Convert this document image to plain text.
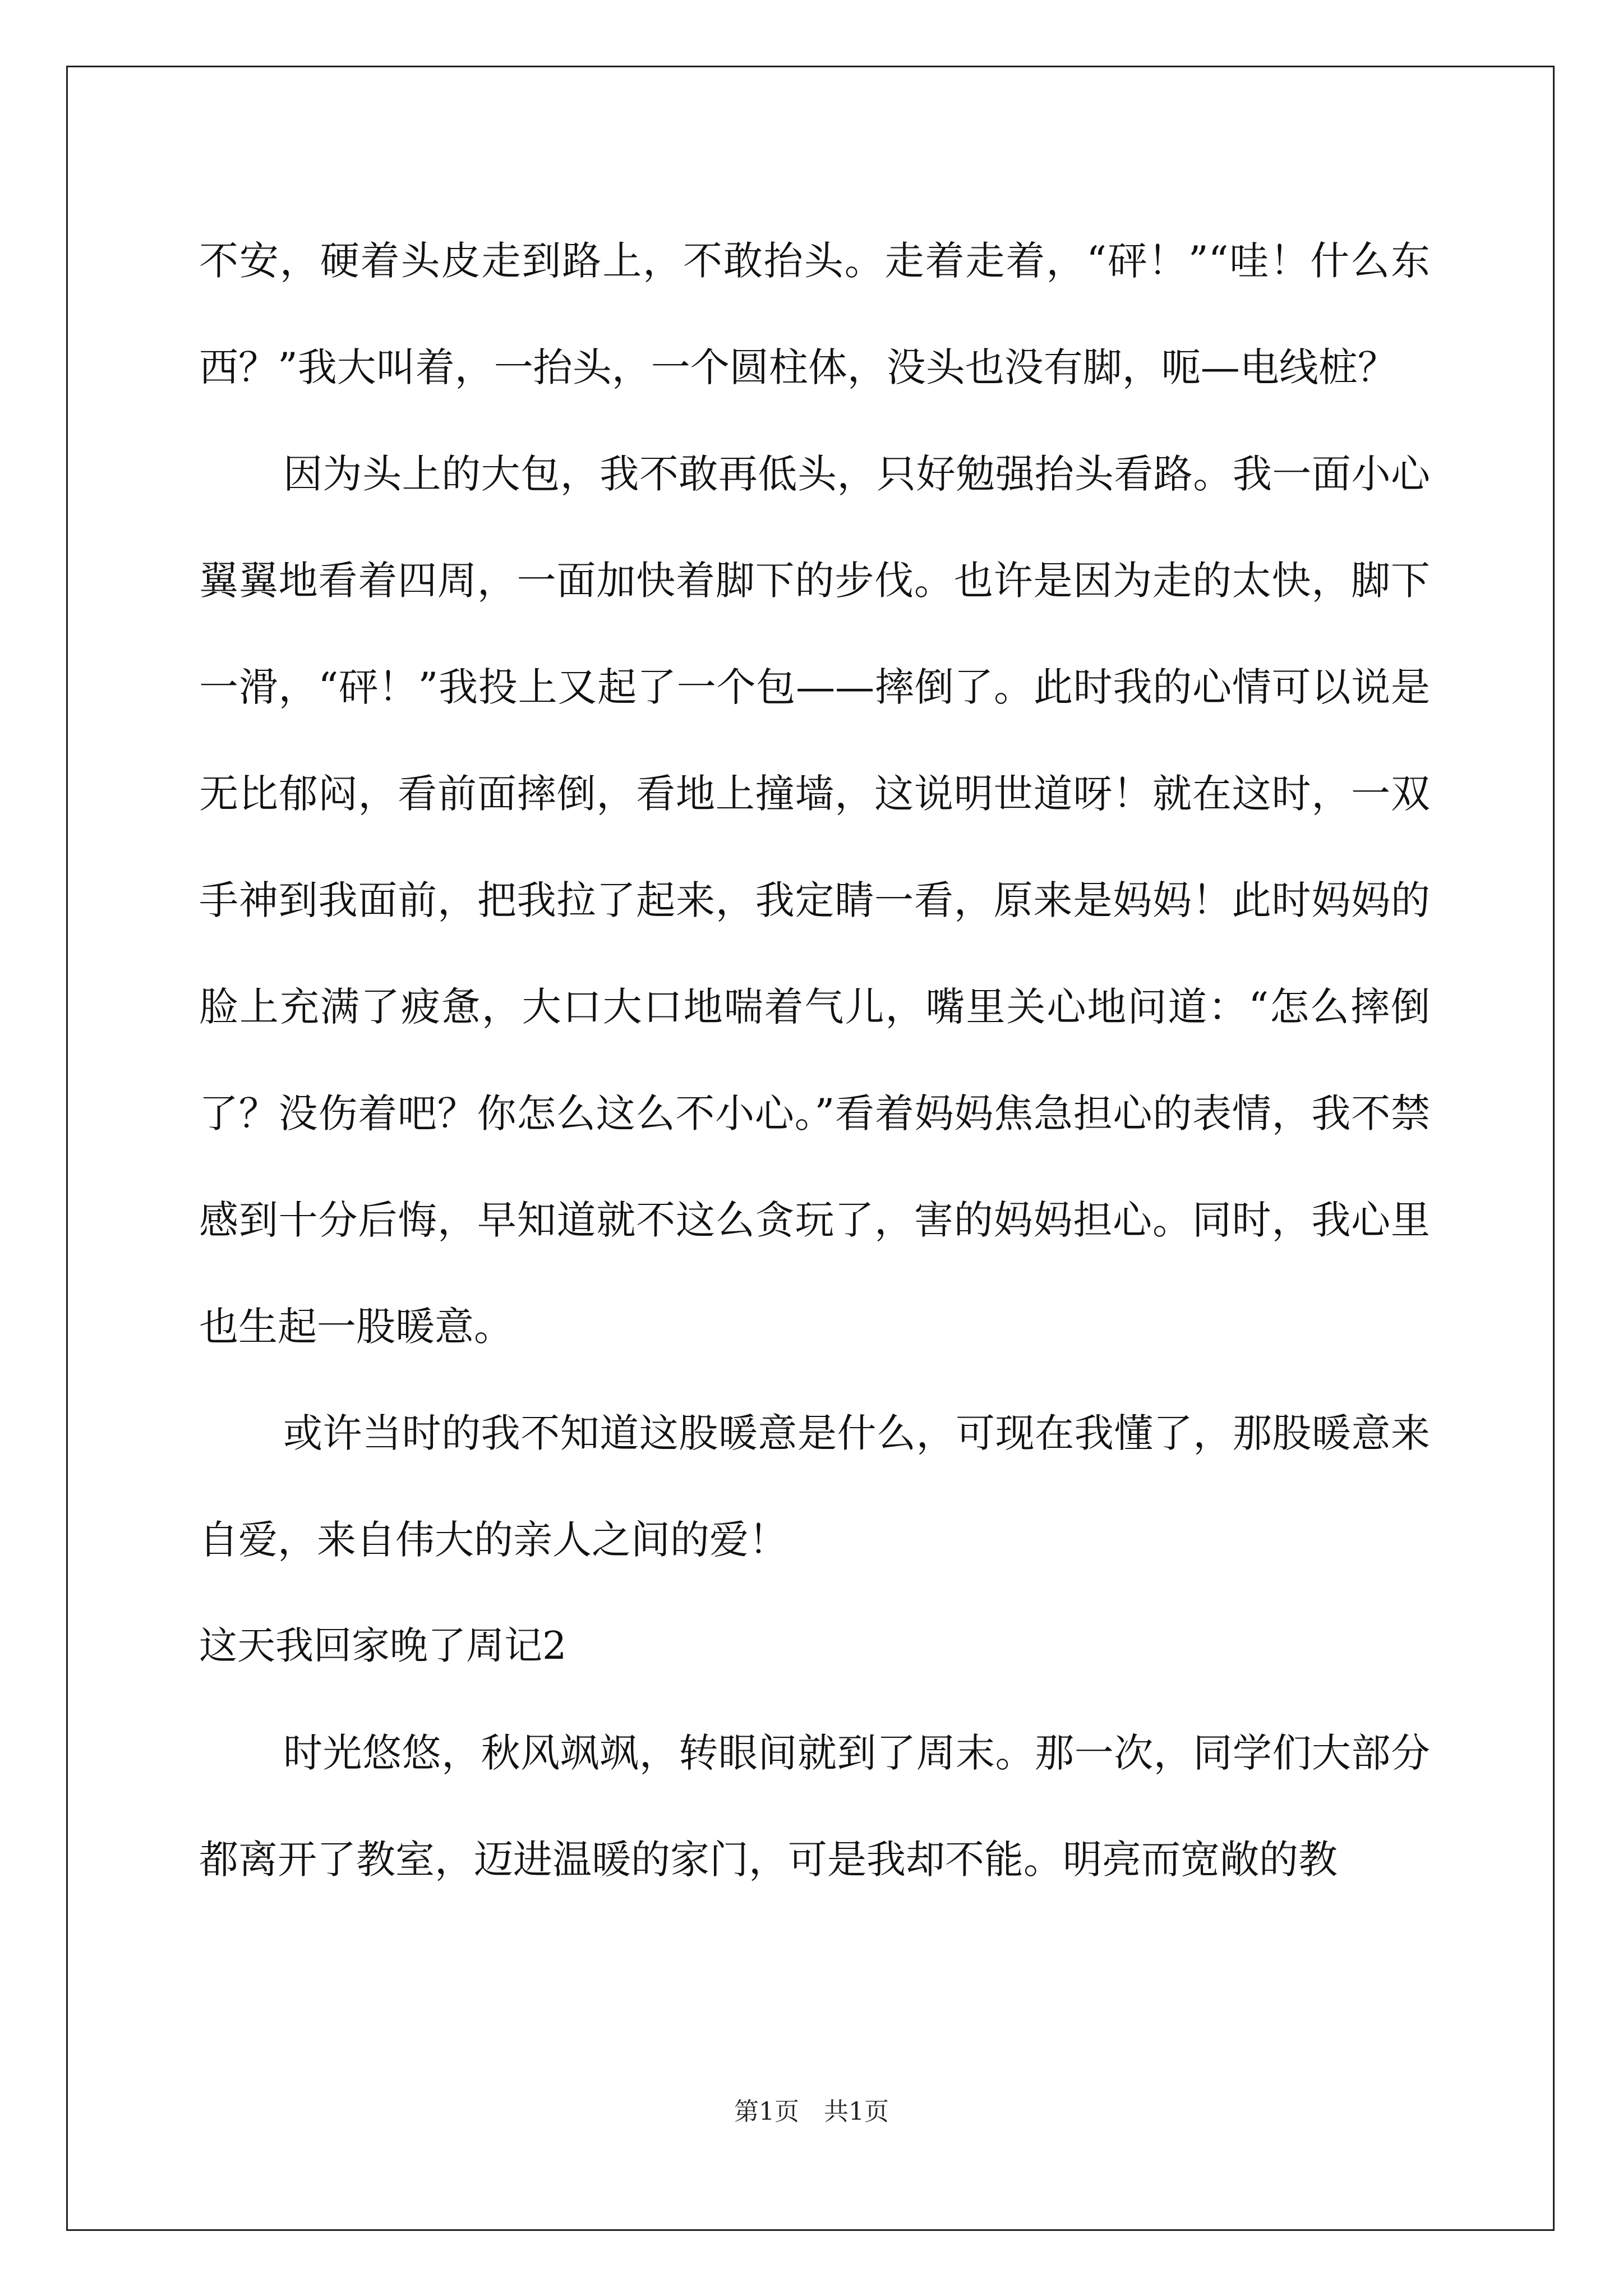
不安，硬着头皮走到路上，不敢抬头。走着走着，“砰！”“哇！什么东西？”我大叫着，一抬头，一个圆柱体，没头也没有脚，呃—电线桩？

因为头上的大包，我不敢再低头，只好勉强抬头看路。我一面小心翼翼地看着四周，一面加快着脚下的步伐。也许是因为走的太快，脚下一滑，“砰！”我投上又起了一个包——摔倒了。此时我的心情可以说是无比郁闷，看前面摔倒，看地上撞墙，这说明世道呀！就在这时，一双手神到我面前，把我拉了起来，我定睛一看，原来是妈妈！此时妈妈的脸上充满了疲惫，大口大口地喘着气儿，嘴里关心地问道：“怎么摔倒了？没伤着吧？你怎么这么不小心。”看着妈妈焦急担心的表情，我不禁感到十分后悔，早知道就不这么贪玩了，害的妈妈担心。同时，我心里也生起一股暖意。

或许当时的我不知道这股暖意是什么，可现在我懂了，那股暖意来自爱，来自伟大的亲人之间的爱！

这天我回家晚了周记2

时光悠悠，秋风飒飒，转眼间就到了周末。那一次，同学们大部分都离开了教室，迈进温暖的家门，可是我却不能。明亮而宽敞的教

第1页　共1页
